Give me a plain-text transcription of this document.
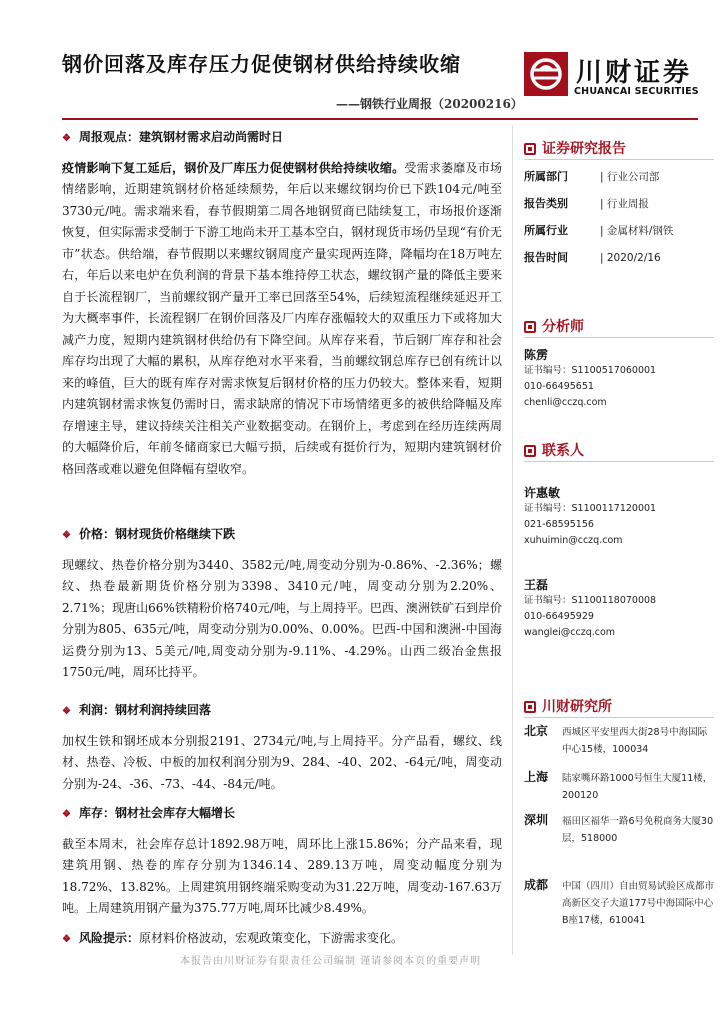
钢价回落及库存压力促使钢材供给持续收缩
——钢铁行业周报（20200216）
川财证券
CHUANCAI SECURITIES
❖ 周报观点：建筑钢材需求启动尚需时日
疫情影响下复工延后，钢价及厂库压力促使钢材供给持续收缩。受需求萎靡及市场情绪影响，近期建筑钢材价格延续颓势，年后以来螺纹钢均价已下跌104元/吨至3730元/吨。需求端来看，春节假期第二周各地钢贸商已陆续复工，市场报价逐渐恢复，但实际需求受制于下游工地尚未开工基本空白，钢材现货市场仍呈现“有价无市”状态。供给端，春节假期以来螺纹钢周度产量实现两连降，降幅均在18万吨左右，年后以来电炉在负利润的背景下基本维持停工状态，螺纹钢产量的降低主要来自于长流程钢厂，当前螺纹钢产量开工率已回落至54%，后续短流程继续延迟开工为大概率事件，长流程钢厂在钢价回落及厂内库存涨幅较大的双重压力下或将加大减产力度，短期内建筑钢材供给仍有下降空间。从库存来看，节后钢厂库存和社会库存均出现了大幅的累积，从库存绝对水平来看，当前螺纹钢总库存已创有统计以来的峰值，巨大的既有库存对需求恢复后钢材价格的压力仍较大。整体来看，短期内建筑钢材需求恢复仍需时日，需求缺席的情况下市场情绪更多的被供给降幅及库存增速主导，建议持续关注相关产业数据变动。在钢价上，考虑到在经历连续两周的大幅降价后，年前冬储商家已大幅亏损，后续或有挺价行为，短期内建筑钢材价格回落或难以避免但降幅有望收窄。
❖ 价格：钢材现货价格继续下跌
现螺纹、热卷价格分别为3440、3582元/吨,周变动分别为-0.86%、-2.36%；螺纹、热卷最新期货价格分别为3398、3410元/吨，周变动分别为2.20%、2.71%；现唐山66%铁精粉价格740元/吨，与上周持平。巴西、澳洲铁矿石到岸价分别为805、635元/吨，周变动分别为0.00%、0.00%。巴西-中国和澳洲-中国海运费分别为13、5美元/吨,周变动分别为-9.11%、-4.29%。山西二级冶金焦报1750元/吨，周环比持平。
❖ 利润：钢材利润持续回落
加权生铁和钢坯成本分别报2191、2734元/吨,与上周持平。分产品看，螺纹、线材、热卷、冷板、中板的加权利润分别为9、284、-40、202、-64元/吨，周变动分别为-24、-36、-73、-44、-84元/吨。
❖ 库存：钢材社会库存大幅增长
截至本周末，社会库存总计1892.98万吨，周环比上涨15.86%；分产品来看，现建筑用钢、热卷的库存分别为1346.14、289.13万吨，周变动幅度分别为18.72%、13.82%。上周建筑用钢终端采购变动为31.22万吨，周变动-167.63万吨。上周建筑用钢产量为375.77万吨,周环比减少8.49%。
❖ 风险提示：原材料价格波动，宏观政策变化，下游需求变化。
证券研究报告
所属部门	| 行业公司部
报告类别	| 行业周报
所属行业	| 金属材料/钢铁
报告时间	| 2020/2/16
分析师
陈雳
证书编号：S1100517060001
010-66495651
chenli@cczq.com
联系人
许惠敏
证书编号：S1100117120001
021-68595156
xuhuimin@cczq.com
王磊
证书编号：S1100118070008
010-66495929
wanglei@cczq.com
川财研究所
北京 西城区平安里西大街28号中海国际中心15楼，100034
上海 陆家嘴环路1000号恒生大厦11楼，200120
深圳 福田区福华一路6号免税商务大厦30层，518000
成都 中国（四川）自由贸易试验区成都市高新区交子大道177号中海国际中心B座17楼，610041
本报告由川财证券有限责任公司编制 谨请参阅本页的重要声明
